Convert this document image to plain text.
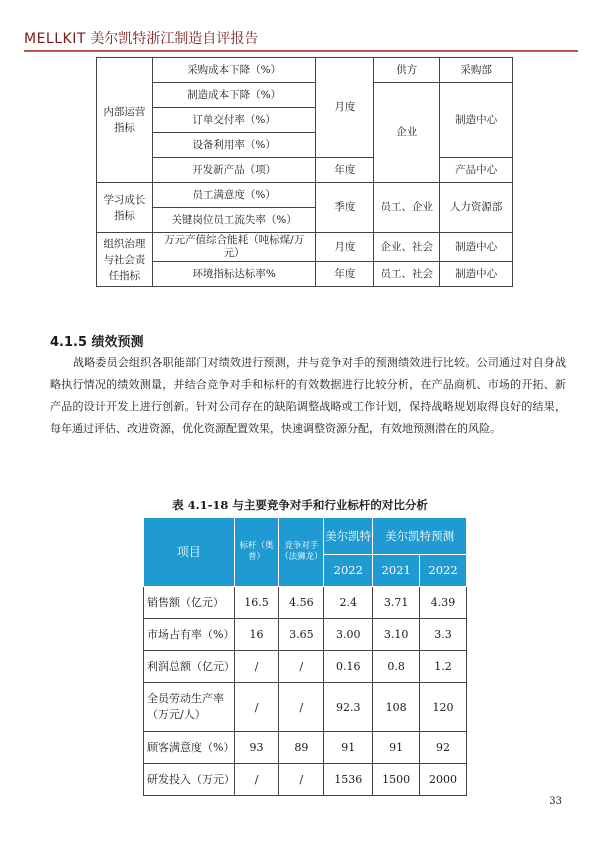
MELLKIT 美尔凯特浙江制造自评报告
内部运营指标	采购成本下降（%）	月度	供方	采购部
	制造成本下降（%）		企业	制造中心
	订单交付率（%）			
	设备利用率（%）			
	开发新产品（项）	年度		产品中心
学习成长指标	员工满意度（%）	季度	员工、企业	人力资源部
	关键岗位员工流失率（%）			
组织治理与社会责任指标	万元产值综合能耗（吨标煤/万元）	月度	企业、社会	制造中心
	环境指标达标率%	年度	员工、社会	制造中心
4.1.5 绩效预测
战略委员会组织各职能部门对绩效进行预测，并与竞争对手的预测绩效进行比较。公司通过对自身战略执行情况的绩效测量，并结合竞争对手和标杆的有效数据进行比较分析，在产品商机、市场的开拓、新产品的设计开发上进行创新。针对公司存在的缺陷调整战略或工作计划，保持战略规划取得良好的结果，每年通过评估、改进资源，优化资源配置效果，快速调整资源分配，有效地预测潜在的风险。
表 4.1-18 与主要竞争对手和行业标杆的对比分析
项目	标杆（奥普）	竞争对手（法狮龙）	美尔凯特	美尔凯特预测	
			2022	2021	2022
销售额（亿元）	16.5	4.56	2.4	3.71	4.39
市场占有率（%）	16	3.65	3.00	3.10	3.3
利润总额（亿元）	/	/	0.16	0.8	1.2
全员劳动生产率（万元/人）	/	/	92.3	108	120
顾客满意度（%）	93	89	91	91	92
研发投入（万元）	/	/	1536	1500	2000
33
